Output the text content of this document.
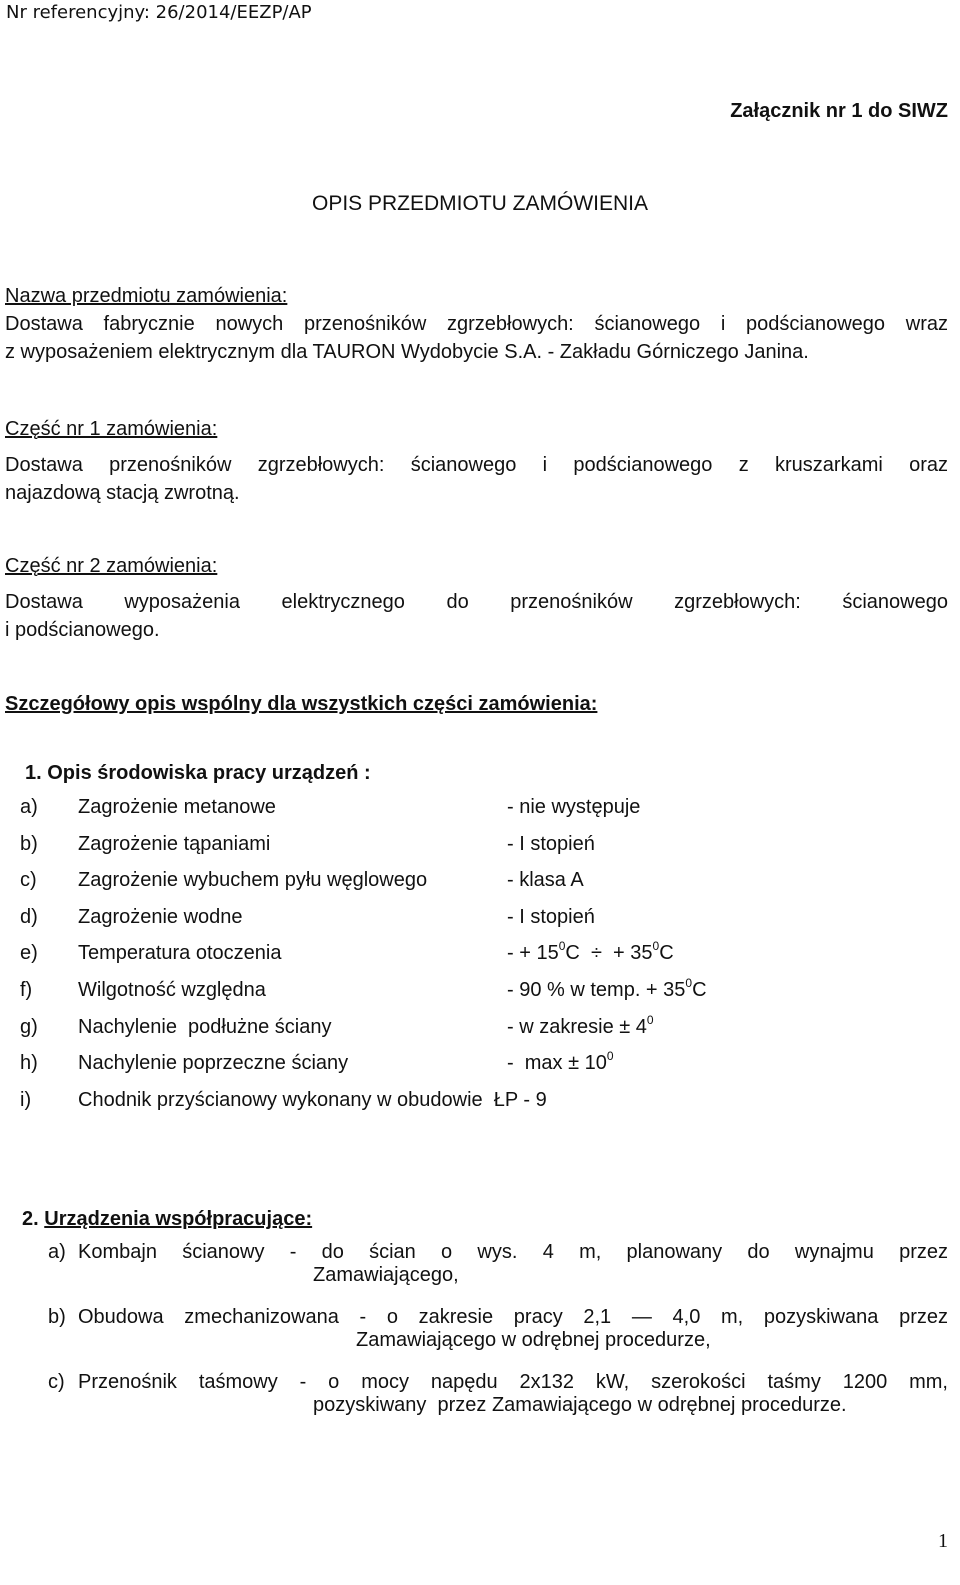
Nr referencyjny: 26/2014/EEZP/AP
Załącznik nr 1 do SIWZ
OPIS PRZEDMIOTU ZAMÓWIENIA
Nazwa przedmiotu zamówienia:
Dostawa fabrycznie nowych przenośników zgrzebłowych: ścianowego i podścianowego wraz
z wyposażeniem elektrycznym dla TAURON Wydobycie S.A. - Zakładu Górniczego Janina.
Część nr 1 zamówienia:
Dostawa przenośników zgrzebłowych: ścianowego i podścianowego z kruszarkami oraz
najazdową stacją zwrotną.
Część nr 2 zamówienia:
Dostawa wyposażenia elektrycznego do przenośników zgrzebłowych: ścianowego
i podścianowego.
Szczegółowy opis wspólny dla wszystkich części zamówienia:
1. Opis środowiska pracy urządzeń :
a) Zagrożenie metanowe	- nie występuje
b) Zagrożenie tąpaniami	- I stopień
c) Zagrożenie wybuchem pyłu węglowego	- klasa A
d) Zagrożenie wodne	- I stopień
e) Temperatura otoczenia	- + $15^0C$  ÷  + $35^0C$
f)	Wilgotność względna	- 90 % w temp. + $35^0C$
g) Nachylenie  podłużne ściany	- w zakresie ± $4^0$
h) Nachylenie poprzeczne ściany	-  $\max \pm 10^0$
i)	Chodnik przyścianowy wykonany w obudowie  ŁP - 9
2. Urządzenia współpracujące:
a) Kombajn ścianowy - do ścian o wys. 4 m, planowany do wynajmu przez
Zamawiającego,
b) Obudowa zmechanizowana - o zakresie pracy 2,1 — 4,0 m, pozyskiwana przez
Zamawiającego w odrębnej procedurze,
c) Przenośnik taśmowy - o mocy napędu 2x132 kW, szerokości taśmy 1200 mm,
pozyskiwany  przez Zamawiającego w odrębnej procedurze.
1
